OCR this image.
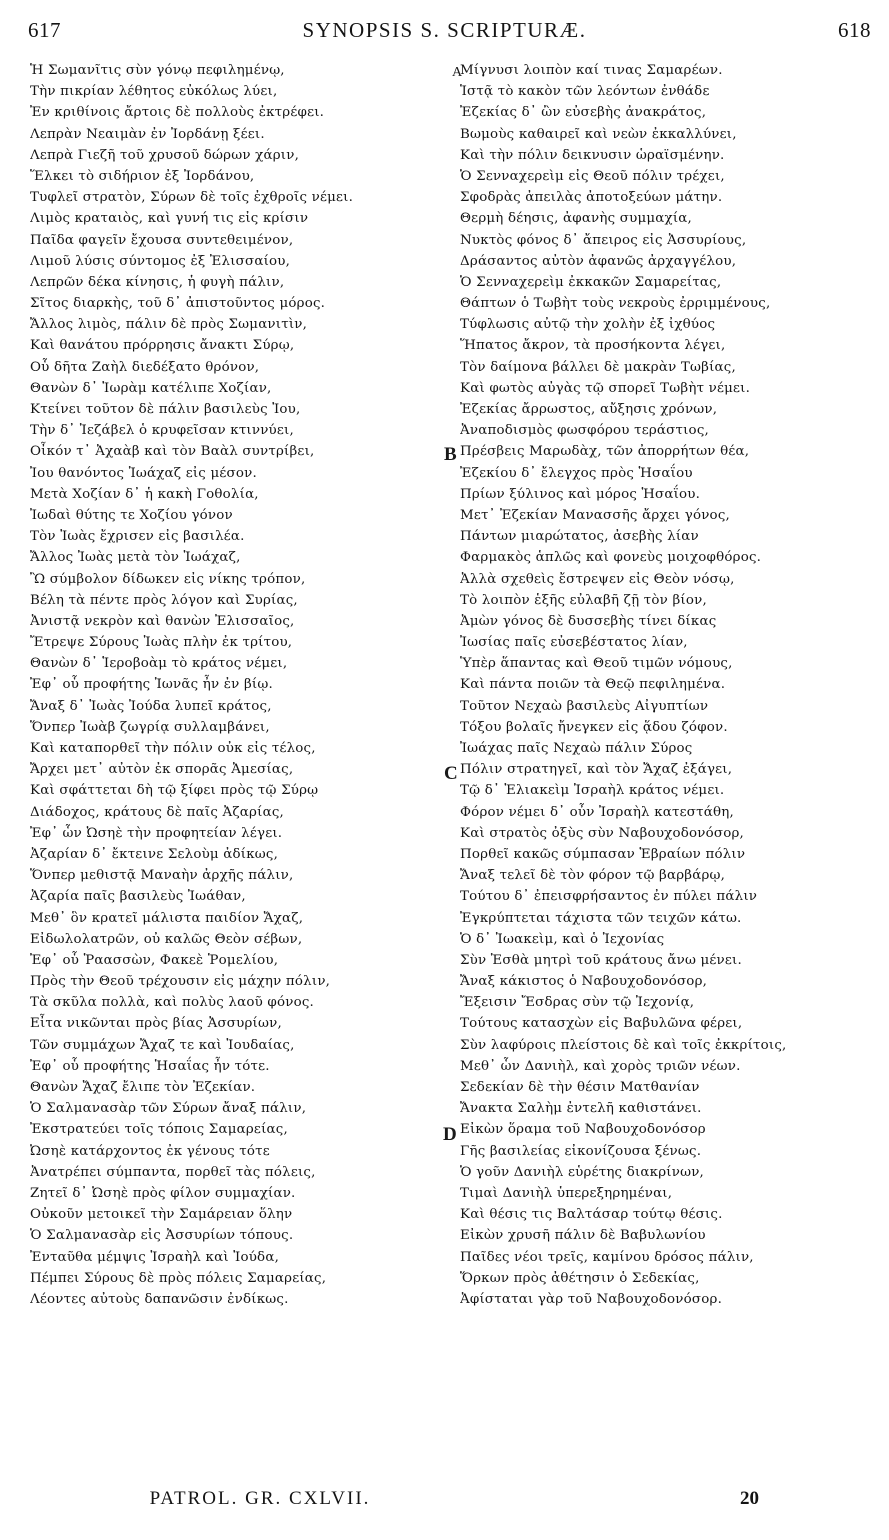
617	SYNOPSIS S. SCRIPTURÆ.	618
Ἡ Σωμανῖτις σὺν γόνῳ πεφιλημένῳ,
Τὴν πικρίαν λέθητος εὐκόλως λύει,
Ἐν κριθίνοις ἄρτοις δὲ πολλοὺς ἐκτρέφει.
Λεπρὰν Νεαιμὰν ἐν Ἰορδάνῃ ξέει.
Λεπρὰ Γιεζῆ τοῦ χρυσοῦ δώρων χάριν,
Ἕλκει τὸ σιδήριον ἐξ Ἰορδάνου,
Τυφλεῖ στρατὸν, Σύρων δὲ τοῖς ἐχθροῖς νέμει.
Λιμὸς κραταιὸς, καὶ γυνή τις εἰς κρίσιν
Παῖδα φαγεῖν ἔχουσα συντεθειμένον,
Λιμοῦ λύσις σύντομος ἐξ Ἐλισσαίου,
Λεπρῶν δέκα κίνησις, ἡ φυγὴ πάλιν,
Σῖτος διαρκὴς, τοῦ δ᾽ ἀπιστοῦντος μόρος.
Ἄλλος λιμὸς, πάλιν δὲ πρὸς Σωμανιτὶν,
Καὶ θανάτου πρόρρησις ἄνακτι Σύρῳ,
Οὗ δῆτα Ζαὴλ διεδέξατο θρόνον,
Θανὼν δ᾽ Ἰωρὰμ κατέλιπε Χοζίαν,
Κτείνει τοῦτον δὲ πάλιν βασιλεὺς Ἰου,
Τὴν δ᾽ Ἰεζάβελ ὁ κρυφεῖσαν κτιννύει,
Οἶκόν τ᾽ Ἀχαὰβ καὶ τὸν Βαὰλ συντρίβει,
Ἰου θανόντος Ἰωάχαζ εἰς μέσον.
Μετὰ Χοζίαν δ᾽ ἡ κακὴ Γοθολία,
Ἰωδαὶ θύτης τε Χοζίου γόνον
Τὸν Ἰωὰς ἔχρισεν εἰς βασιλέα.
Ἄλλος Ἰωὰς μετὰ τὸν Ἰωάχαζ,
Ὢ σύμβολον δίδωκεν εἰς νίκης τρόπον,
Βέλη τὰ πέντε πρὸς λόγον καὶ Συρίας,
Ἀνιστᾷ νεκρὸν καὶ θανὼν Ἐλισσαῖος,
Ἔτρεψε Σύρους Ἰωὰς πλὴν ἐκ τρίτου,
Θανὼν δ᾽ Ἱεροβοὰμ τὸ κράτος νέμει,
Ἐφ᾽ οὗ προφήτης Ἰωνᾶς ἦν ἐν βίῳ.
Ἄναξ δ᾽ Ἰωὰς Ἰούδα λυπεῖ κράτος,
Ὅνπερ Ἰωὰβ ζωγρίᾳ συλλαμβάνει,
Καὶ καταπορθεῖ τὴν πόλιν οὐκ εἰς τέλος,
Ἄρχει μετ᾽ αὐτὸν ἐκ σπορᾶς Ἀμεσίας,
Καὶ σφάττεται δὴ τῷ ξίφει πρὸς τῷ Σύρῳ
Διάδοχος, κράτους δὲ παῖς Ἀζαρίας,
Ἐφ᾽ ὧν Ὠσηὲ τὴν προφητείαν λέγει.
Ἀζαρίαν δ᾽ ἔκτεινε Σελοὺμ ἀδίκως,
Ὅνπερ μεθιστᾷ Μαναὴν ἀρχῆς πάλιν,
Ἀζαρία παῖς βασιλεὺς Ἰωάθαν,
Μεθ᾽ ὃν κρατεῖ μάλιστα παιδίον Ἄχαζ,
Εἰδωλολατρῶν, οὐ καλῶς Θεὸν σέβων,
Ἐφ᾽ οὗ Ῥαασσὼν, Φακεὲ Ῥομελίου,
Πρὸς τὴν Θεοῦ τρέχουσιν εἰς μάχην πόλιν,
Τὰ σκῦλα πολλὰ, καὶ πολὺς λαοῦ φόνος.
Εἶτα νικῶνται πρὸς βίας Ἀσσυρίων,
Τῶν συμμάχων Ἄχαζ τε καὶ Ἰουδαίας,
Ἐφ᾽ οὗ προφήτης Ἡσαΐας ἦν τότε.
Θανὼν Ἄχαζ ἔλιπε τὸν Ἐζεκίαν.
Ὁ Σαλμανασὰρ τῶν Σύρων ἄναξ πάλιν,
Ἐκστρατεύει τοῖς τόποις Σαμαρείας,
Ὠσηὲ κατάρχοντος ἐκ γένους τότε
Ἀνατρέπει σύμπαντα, πορθεῖ τὰς πόλεις,
Ζητεῖ δ᾽ Ὠσηὲ πρὸς φίλον συμμαχίαν.
Οὐκοῦν μετοικεῖ τὴν Σαμάρειαν ὅλην
Ὁ Σαλμανασὰρ εἰς Ἀσσυρίων τόπους.
Ἐνταῦθα μέμψις Ἰσραὴλ καὶ Ἰούδα,
Πέμπει Σύρους δὲ πρὸς πόλεις Σαμαρείας,
Λέοντες αὐτοὺς δαπανῶσιν ἐνδίκως.
Μίγνυσι λοιπὸν καί τινας Σαμαρέων.
Ἱστᾷ τὸ κακὸν τῶν λεόντων ἐνθάδε
Ἐζεκίας δ᾽ ὢν εὐσεβὴς ἀνακράτος,
Βωμοὺς καθαιρεῖ καὶ νεὼν ἐκκαλλύνει,
Καὶ τὴν πόλιν δεικνυσιν ὡραϊσμένην.
Ὁ Σενναχερεὶμ εἰς Θεοῦ πόλιν τρέχει,
Σφοδρὰς ἀπειλὰς ἀποτοξεύων μάτην.
Θερμὴ δέησις, ἀφανὴς συμμαχία,
Νυκτὸς φόνος δ᾽ ἄπειρος εἰς Ἀσσυρίους,
Δράσαντος αὐτὸν ἀφανῶς ἀρχαγγέλου,
Ὁ Σενναχερεὶμ ἐκκακῶν Σαμαρείτας,
Θάπτων ὁ Τωβὴτ τοὺς νεκροὺς ἐρριμμένους,
Τύφλωσις αὐτῷ τὴν χολὴν ἐξ ἰχθύος
Ἥπατος ἄκρον, τὰ προσήκοντα λέγει,
Τὸν δαίμονα βάλλει δὲ μακρὰν Τωβίας,
Καὶ φωτὸς αὐγὰς τῷ σπορεῖ Τωβὴτ νέμει.
Ἐζεκίας ἄρρωστος, αὔξησις χρόνων,
Ἀναποδισμὸς φωσφόρου τεράστιος,
Πρέσβεις Μαρωδὰχ, τῶν ἀπορρήτων θέα,
Ἐζεκίου δ᾽ ἔλεγχος πρὸς Ἡσαΐου
Πρίων ξύλινος καὶ μόρος Ἡσαΐου.
Μετ᾽ Ἐζεκίαν Μανασσῆς ἄρχει γόνος,
Πάντων μιαρώτατος, ἀσεβὴς λίαν
Φαρμακὸς ἁπλῶς καὶ φονεὺς μοιχοφθόρος.
Ἀλλὰ σχεθεὶς ἔστρεψεν εἰς Θεὸν νόσῳ,
Τὸ λοιπὸν ἑξῆς εὐλαβῆ ζῇ τὸν βίον,
Ἀμὼν γόνος δὲ δυσσεβὴς τίνει δίκας
Ἰωσίας παῖς εὐσεβέστατος λίαν,
Ὑπὲρ ἅπαντας καὶ Θεοῦ τιμῶν νόμους,
Καὶ πάντα ποιῶν τὰ Θεῷ πεφιλημένα.
Τοῦτον Νεχαὼ βασιλεὺς Αἰγυπτίων
Τόξου βολαῖς ἤνεγκεν εἰς ᾅδου ζόφον.
Ἰωάχας παῖς Νεχαὼ πάλιν Σύρος
Πόλιν στρατηγεῖ, καὶ τὸν Ἄχαζ ἐξάγει,
Τῷ δ᾽ Ἐλιακεὶμ Ἰσραὴλ κράτος νέμει.
Φόρον νέμει δ᾽ οὖν Ἰσραὴλ κατεστάθη,
Καὶ στρατὸς ὀξὺς σὺν Ναβουχοδονόσορ,
Πορθεῖ κακῶς σύμπασαν Ἑβραίων πόλιν
Ἄναξ τελεῖ δὲ τὸν φόρον τῷ βαρβάρῳ,
Τούτου δ᾽ ἐπεισφρήσαντος ἐν πύλει πάλιν
Ἐγκρύπτεται τάχιστα τῶν τειχῶν κάτω.
Ὁ δ᾽ Ἰωακεὶμ, καὶ ὁ Ἰεχονίας
Σὺν Ἐσθὰ μητρὶ τοῦ κράτους ἄνω μένει.
Ἄναξ κάκιστος ὁ Ναβουχοδονόσορ,
Ἔξεισιν Ἔσδρας σὺν τῷ Ἰεχονίᾳ,
Τούτους κατασχὼν εἰς Βαβυλῶνα φέρει,
Σὺν λαφύροις πλείστοις δὲ καὶ τοῖς ἐκκρίτοις,
Μεθ᾽ ὧν Δανιὴλ, καὶ χορὸς τριῶν νέων.
Σεδεκίαν δὲ τὴν θέσιν Ματθανίαν
Ἄνακτα Σαλὴμ ἐντελῆ καθιστάνει.
Εἰκὼν ὅραμα τοῦ Ναβουχοδονόσορ
Γῆς βασιλείας εἰκονίζουσα ξένως.
Ὁ γοῦν Δανιὴλ εὑρέτης διακρίνων,
Τιμαὶ Δανιὴλ ὑπερεξηρημέναι,
Καὶ θέσις τις Βαλτάσαρ τούτῳ θέσις.
Εἰκὼν χρυσῆ πάλιν δὲ Βαβυλωνίου
Παῖδες νέοι τρεῖς, καμίνου δρόσος πάλιν,
Ὅρκων πρὸς ἀθέτησιν ὁ Σεδεκίας,
Ἀφίσταται γὰρ τοῦ Ναβουχοδονόσορ.
A
B
C
D
PATROL. GR. CXLVII.	20
